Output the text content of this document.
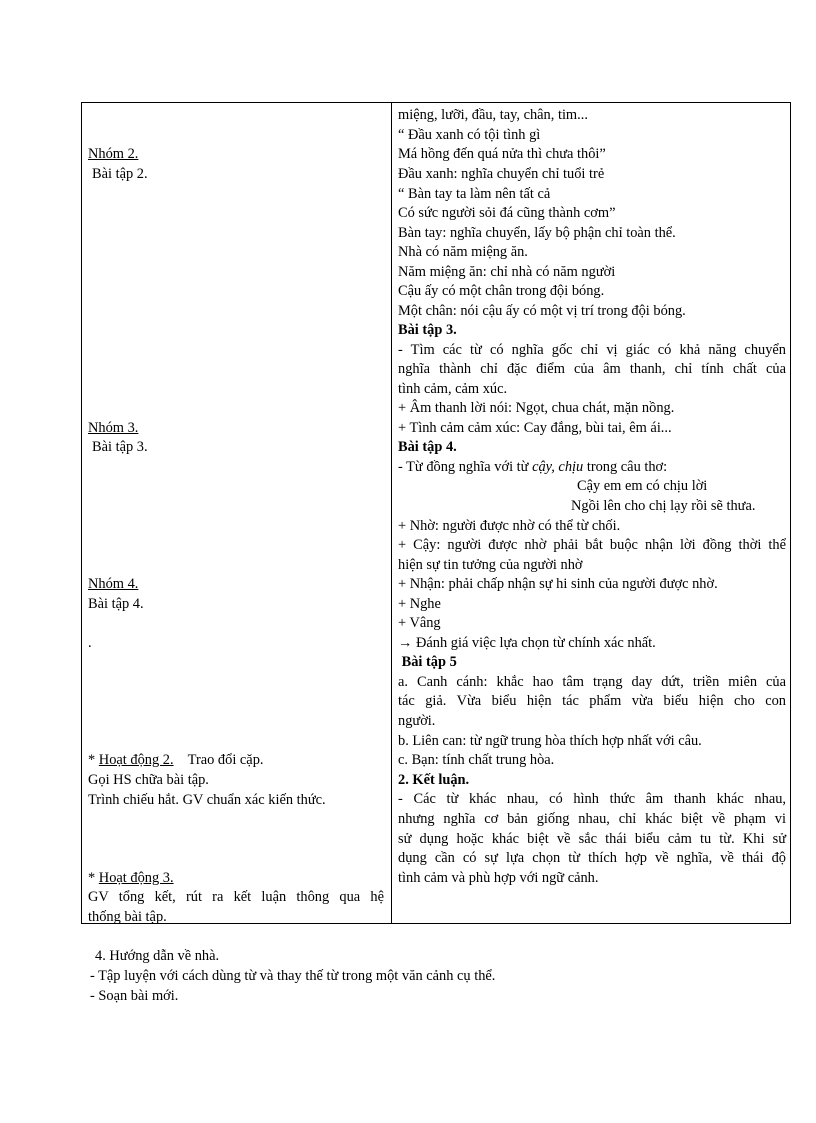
Nhóm 2.
Bài tập 2.
Nhóm 3.
Bài tập 3.
Nhóm 4.
Bài tập 4.
.
* Hoạt động 2.    Trao đổi cặp.
Gọi HS chữa bài tập.
Trình chiếu hắt. GV chuẩn xác kiến thức.
* Hoạt động 3.
GV tổng kết, rút ra kết luận thông qua hệ
thống bài tập.
miệng, lưỡi, đầu, tay, chân, tim...
“ Đầu xanh có tội tình gì
Má hồng đến quá nửa thì chưa thôi”
Đầu xanh: nghĩa chuyển chỉ tuổi trẻ
“ Bàn tay ta làm nên tất cả
Có sức người sỏi đá cũng thành cơm”
Bàn tay: nghĩa chuyển, lấy bộ phận chỉ toàn thể.
Nhà có năm miệng ăn.
Năm miệng ăn: chỉ nhà có năm người
Cậu ấy có một chân trong đội bóng.
Một chân: nói cậu ấy có một vị trí trong đội bóng.
Bài tập 3.
- Tìm các từ có nghĩa gốc chỉ vị giác có khả năng chuyển
nghĩa thành chỉ đặc điểm của âm thanh, chỉ tính chất của
tình cảm, cảm xúc.
+ Âm thanh lời nói: Ngọt, chua chát, mặn nồng.
+ Tình cảm cảm xúc: Cay đắng, bùi tai, êm ái...
Bài tập 4.
- Từ đồng nghĩa với từ cậy, chịu trong câu thơ:
Cậy em em có chịu lời
Ngồi lên cho chị lạy rồi sẽ thưa.
+ Nhờ: người được nhờ có thể từ chối.
+ Cậy: người được nhờ phải bắt buộc nhận lời đồng thời thể
hiện sự tin tưởng của người nhờ
+ Nhận: phải chấp nhận sự hi sinh của người được nhờ.
+ Nghe
+ Vâng
→ Đánh giá việc lựa chọn từ chính xác nhất.
Bài tập 5
a. Canh cánh: khắc hao tâm trạng day dứt, triền miên của
tác giả. Vừa biểu hiện tác phẩm vừa biểu hiện cho con
người.
b. Liên can: từ ngữ trung hòa thích hợp nhất với câu.
c. Bạn: tính chất trung hòa.
2. Kết luận.
- Các từ khác nhau, có hình thức âm thanh khác nhau,
nhưng nghĩa cơ bản giống nhau, chỉ khác biệt về phạm vi
sử dụng hoặc khác biệt về sắc thái biểu cảm tu từ. Khi sử
dụng cần có sự lựa chọn từ thích hợp về nghĩa, về thái độ
tình cảm và phù hợp với ngữ cảnh.
4. Hướng dẫn về nhà.
- Tập luyện với cách dùng từ và thay thế từ trong một văn cảnh cụ thể.
- Soạn bài mới.
